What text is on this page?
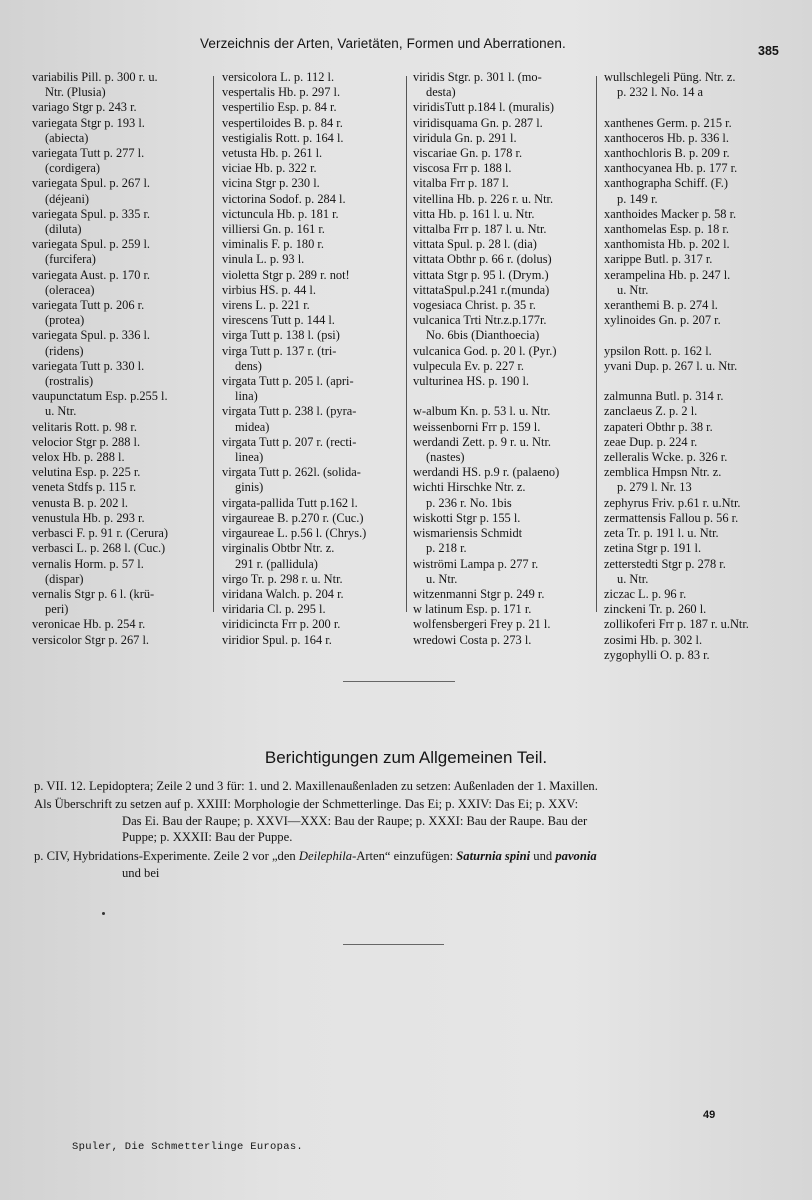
Verzeichnis der Arten, Varietäten, Formen und Aberrationen.	385
variabilis Pill. p. 300 r. u.
Ntr. (Plusia)
variago Stgr p. 243 r.
variegata Stgr p. 193 l.
(abiecta)
variegata Tutt p. 277 l.
(cordigera)
variegata Spul. p. 267 l.
(déjeani)
variegata Spul. p. 335 r.
(diluta)
variegata Spul. p. 259 l.
(furcifera)
variegata Aust. p. 170 r.
(oleracea)
variegata Tutt p. 206 r.
(protea)
variegata Spul. p. 336 l.
(ridens)
variegata Tutt p. 330 l.
(rostralis)
vaupunctatum Esp. p.255 l.
u. Ntr.
velitaris Rott. p. 98 r.
velocior Stgr p. 288 l.
velox Hb. p. 288 l.
velutina Esp. p. 225 r.
veneta Stdfs p. 115 r.
venusta B. p. 202 l.
venustula Hb. p. 293 r.
verbasci F. p. 91 r. (Cerura)
verbasci L. p. 268 l. (Cuc.)
vernalis Horm. p. 57 l.
(dispar)
vernalis Stgr p. 6 l. (krü-
peri)
veronicae Hb. p. 254 r.
versicolor Stgr p. 267 l.
versicolora L. p. 112 l.
vespertalis Hb. p. 297 l.
vespertilio Esp. p. 84 r.
vespertiloides B. p. 84 r.
vestigialis Rott. p. 164 l.
vetusta Hb. p. 261 l.
viciae Hb. p. 322 r.
vicina Stgr p. 230 l.
victorina Sodof. p. 284 l.
victuncula Hb. p. 181 r.
villiersi Gn. p. 161 r.
viminalis F. p. 180 r.
vinula L. p. 93 l.
violetta Stgr p. 289 r. not!
virbius HS. p. 44 l.
virens L. p. 221 r.
virescens Tutt p. 144 l.
virga Tutt p. 138 l. (psi)
virga Tutt p. 137 r. (tri-
dens)
virgata Tutt p. 205 l. (apri-
lina)
virgata Tutt p. 238 l. (pyra-
midea)
virgata Tutt p. 207 r. (recti-
linea)
virgata Tutt p. 262l. (solida-
ginis)
virgata-pallida Tutt p.162 l.
virgaureae B. p.270 r. (Cuc.)
virgaureae L. p.56 l. (Chrys.)
virginalis Obtbr Ntr. z.
291 r. (pallidula)
virgo Tr. p. 298 r. u. Ntr.
viridana Walch. p. 204 r.
viridaria Cl. p. 295 l.
viridicincta Frr p. 200 r.
viridior Spul. p. 164 r.
viridis Stgr. p. 301 l. (mo-
desta)
viridisTutt p.184 l. (muralis)
viridisquama Gn. p. 287 l.
viridula Gn. p. 291 l.
viscariae Gn. p. 178 r.
viscosa Frr p. 188 l.
vitalba Frr p. 187 l.
vitellina Hb. p. 226 r. u. Ntr.
vitta Hb. p. 161 l. u. Ntr.
vittalba Frr p. 187 l. u. Ntr.
vittata Spul. p. 28 l. (dia)
vittata Obthr p. 66 r. (dolus)
vittata Stgr p. 95 l. (Drym.)
vittataSpul.p.241 r.(munda)
vogesiaca Christ. p. 35 r.
vulcanica Trti Ntr.z.p.177r.
No. 6bis (Dianthoecia)
vulcanica God. p. 20 l. (Pyr.)
vulpecula Ev. p. 227 r.
vulturinea HS. p. 190 l.

w-album Kn. p. 53 l. u. Ntr.
weissenborni Frr p. 159 l.
werdandi Zett. p. 9 r. u. Ntr.
(nastes)
werdandi HS. p.9 r. (palaeno)
wichti Hirschke Ntr. z.
p. 236 r. No. 1bis
wiskotti Stgr p. 155 l.
wismariensis Schmidt
p. 218 r.
wiströmi Lampa p. 277 r.
u. Ntr.
witzenmanni Stgr p. 249 r.
w latinum Esp. p. 171 r.
wolfensbergeri Frey p. 21 l.
wredowi Costa p. 273 l.
wullschlegeli Püng. Ntr. z.
p. 232 l. No. 14 a

xanthenes Germ. p. 215 r.
xanthoceros Hb. p. 336 l.
xanthochloris B. p. 209 r.
xanthocyanea Hb. p. 177 r.
xanthographa Schiff. (F.)
p. 149 r.
xanthoides Macker p. 58 r.
xanthomelas Esp. p. 18 r.
xanthomista Hb. p. 202 l.
xarippe Butl. p. 317 r.
xerampelina Hb. p. 247 l.
u. Ntr.
xeranthemi B. p. 274 l.
xylinoides Gn. p. 207 r.

ypsilon Rott. p. 162 l.
yvani Dup. p. 267 l. u. Ntr.

zalmunna Butl. p. 314 r.
zanclaeus Z. p. 2 l.
zapateri Obthr p. 38 r.
zeae Dup. p. 224 r.
zelleralis Wcke. p. 326 r.
zemblica Hmpsn Ntr. z.
p. 279 l. Nr. 13
zephyrus Friv. p.61 r. u.Ntr.
zermattensis Fallou p. 56 r.
zeta Tr. p. 191 l. u. Ntr.
zetina Stgr p. 191 l.
zetterstedti Stgr p. 278 r.
u. Ntr.
ziczac L. p. 96 r.
zinckeni Tr. p. 260 l.
zollikoferi Frr p. 187 r. u.Ntr.
zosimi Hb. p. 302 l.
zygophylli O. p. 83 r.
Berichtigungen zum Allgemeinen Teil.
p. VII. 12. Lepidoptera; Zeile 2 und 3 für: 1. und 2. Maxillenaußenladen zu setzen: Außenladen der 1. Maxillen.
Als Überschrift zu setzen auf p. XXIII: Morphologie der Schmetterlinge. Das Ei; p. XXIV: Das Ei; p. XXV:
Das Ei. Bau der Raupe; p. XXVI—XXX: Bau der Raupe; p. XXXI: Bau der Raupe. Bau der
Puppe; p. XXXII: Bau der Puppe.
p. CIV, Hybridations-Experimente. Zeile 2 vor „den Deilephila-Arten“ einzufügen: Saturnia spini und pavonia
und bei
49
Spuler, Die Schmetterlinge Europas.
